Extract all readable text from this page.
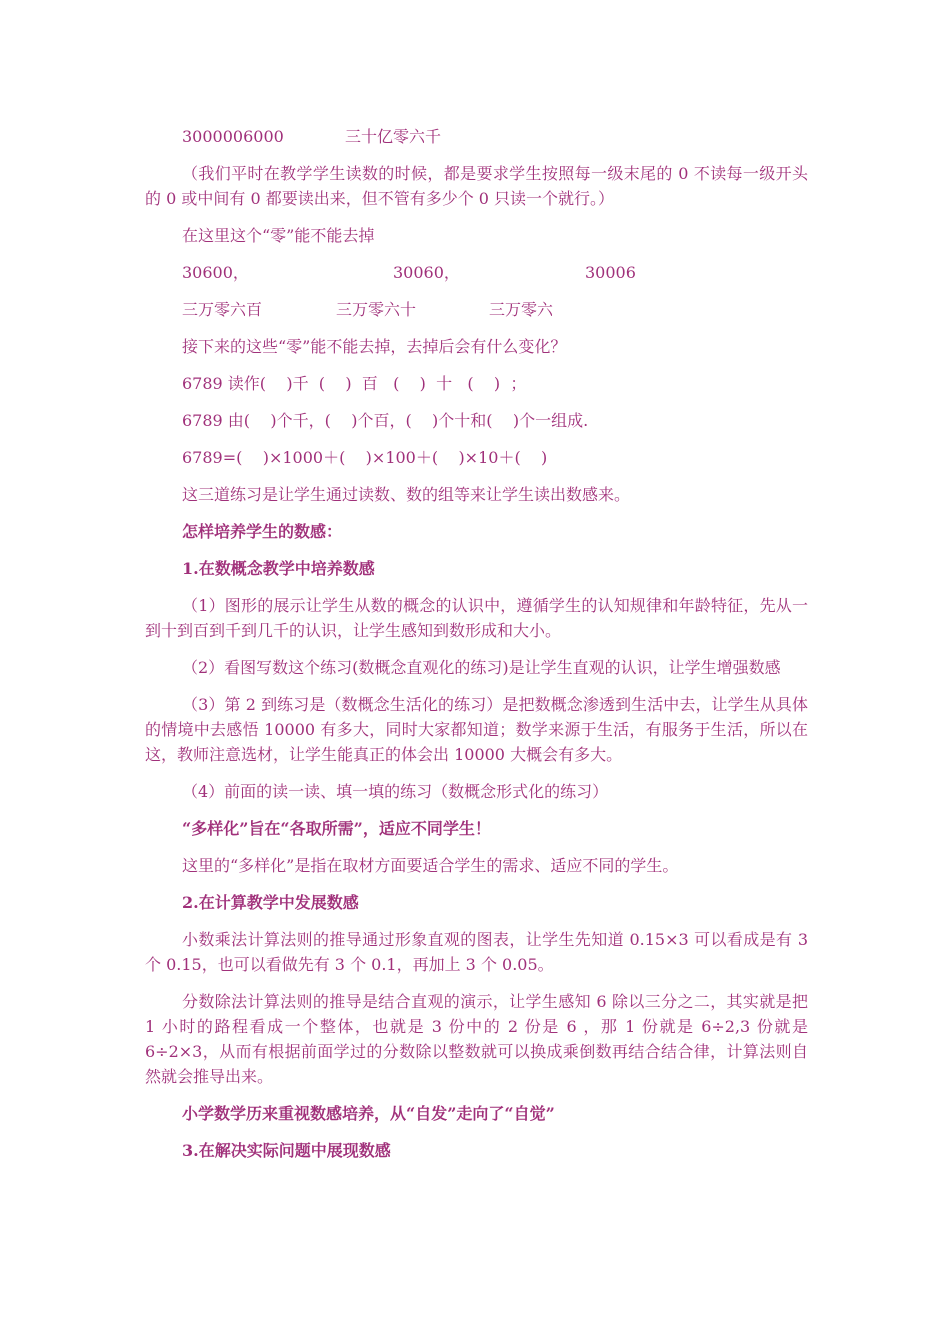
3000006000	三十亿零六千

（我们平时在教学学生读数的时候，都是要求学生按照每一级末尾的 0 不读每一级开头的 0 或中间有 0 都要读出来，但不管有多少个 0 只读一个就行。）

在这里这个“零”能不能去掉

30600，	30060，	30006
三万零六百	三万零六十	三万零六

接下来的这些“零”能不能去掉，去掉后会有什么变化？

6789 读作(    )千  (    )  百   (    )  十   (    )  ；

6789 由(    )个千，(    )个百，(    )个十和(    )个一组成.

6789=(    )×1000＋(    )×100＋(    )×10＋(    )

这三道练习是让学生通过读数、数的组等来让学生读出数感来。

怎样培养学生的数感：

1.在数概念教学中培养数感

（1）图形的展示让学生从数的概念的认识中，遵循学生的认知规律和年龄特征，先从一到十到百到千到几千的认识，让学生感知到数形成和大小。

（2）看图写数这个练习(数概念直观化的练习)是让学生直观的认识，让学生增强数感

（3）第 2 到练习是（数概念生活化的练习）是把数概念渗透到生活中去，让学生从具体的情境中去感悟 10000 有多大，同时大家都知道；数学来源于生活，有服务于生活，所以在这，教师注意选材，让学生能真正的体会出 10000 大概会有多大。

（4）前面的读一读、填一填的练习（数概念形式化的练习）

“多样化”旨在“各取所需”，适应不同学生！

这里的“多样化”是指在取材方面要适合学生的需求、适应不同的学生。

2.在计算教学中发展数感

小数乘法计算法则的推导通过形象直观的图表，让学生先知道 0.15×3 可以看成是有 3 个 0.15，也可以看做先有 3 个 0.1，再加上 3 个 0.05。

分数除法计算法则的推导是结合直观的演示，让学生感知 6 除以三分之二，其实就是把 1 小时的路程看成一个整体，也就是 3 份中的 2 份是 6 ，那 1 份就是 6÷2,3 份就是 6÷2×3，从而有根据前面学过的分数除以整数就可以换成乘倒数再结合结合律，计算法则自然就会推导出来。

小学数学历来重视数感培养，从“自发”走向了“自觉”

3.在解决实际问题中展现数感
